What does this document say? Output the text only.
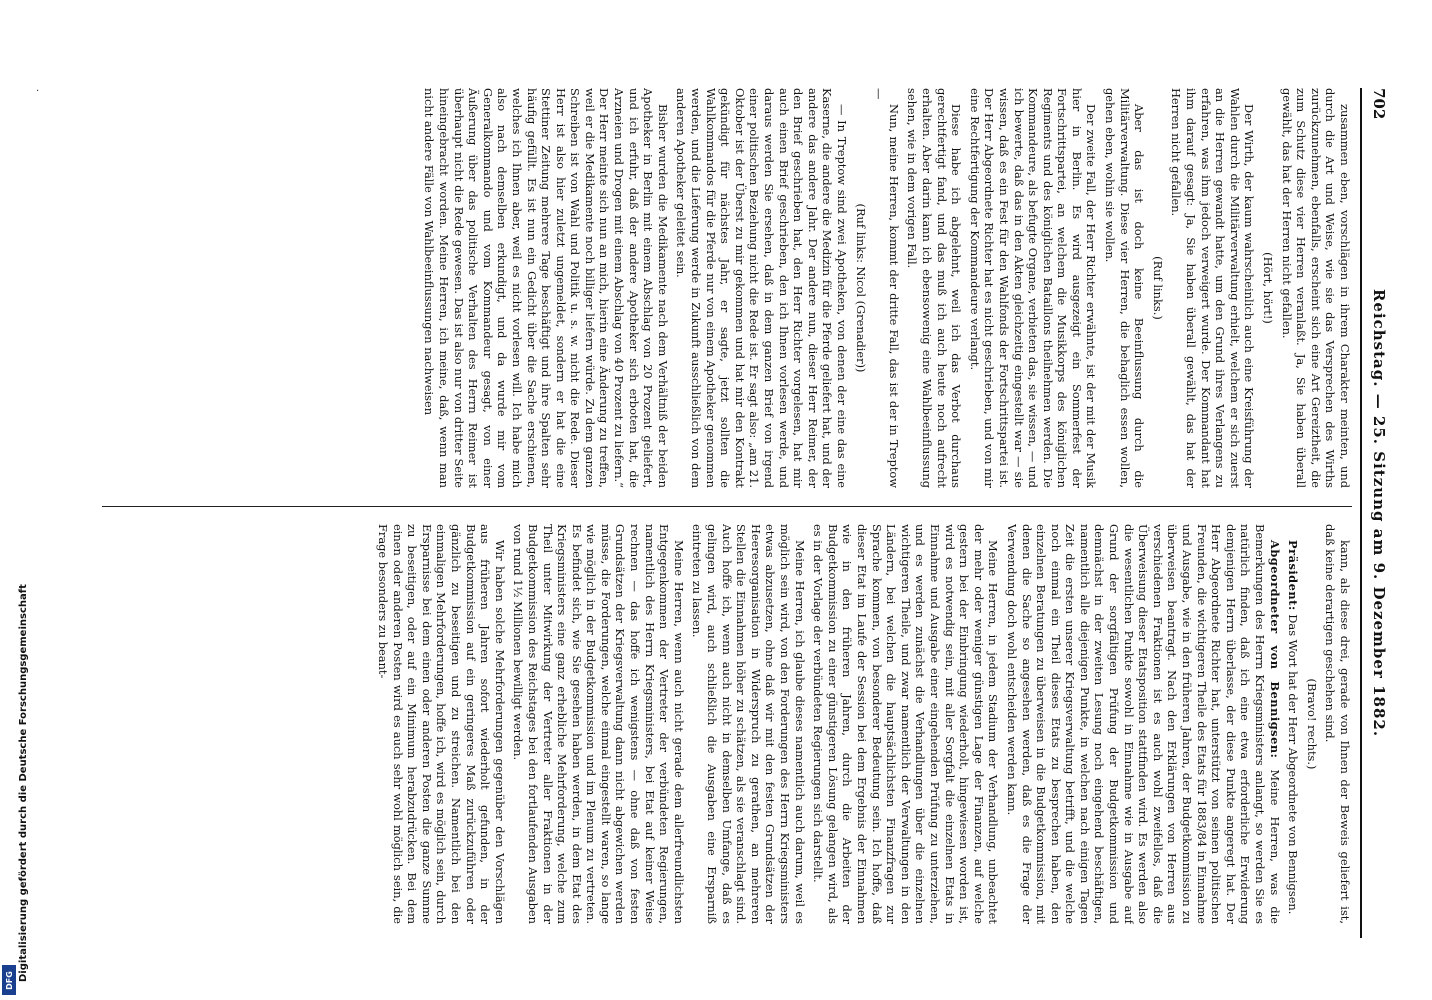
Digitalisierung gefördert durch die Deutsche Forschungsgemeinschaft
DFG
·	702
Reichstag. — 25. Sitzung am 9. Dezember 1882.

zusammen eben, vorschlägen in ihrem Charakter meinten, und durch die Art und Weise, wie sie das Versprechen des Wirths zurückzunehmen, ebenfalls, erscheint sich eine Art Gereiztheit, die zum Schutz diese vier Herren veranlaßt. Ja, Sie haben überall gewählt, das hat der Herren nicht gefallen.

(Hört, hört!)

Der Wirth, der kaum wahrscheinlich auch eine Kreisführung der Wahlen durch die Militärverwaltung erhielt, welchem er sich zuerst an die Herren gewandt hatte, um den Grund ihres Verlangens zu erfahren, was ihm jedoch verweigert wurde. Der Kommandant hat ihm darauf gesagt: Ja, Sie haben überall gewählt, das hat der Herren nicht gefallen.

(Ruf links.)

Aber das ist doch keine Beeinflussung durch die Militärverwaltung. Diese vier Herren, die behaglich essen wollen, gehen eben, wohin sie wollen.

Der zweite Fall, der Herr Richter erwähnte, ist der mit der Musik hier in Berlin. Es wird ausgezeigt ein Sommerfest der Fortschrittspartei, an welchem die Musikkorps des königlichen Regiments und des königlichen Bataillons theilnehmen werden. Die Kommandeure, als befugte Organe, verbieten das, sie wissen, — und ich bewerte, daß das in den Akten gleichzeitig eingestellt war — sie wissen, daß es ein Fest für den Wahlfonds der Fortschrittspartei ist. Der Herr Abgeordnete Richter hat es nicht geschrieben, und von mir eine Rechtfertigung der Kommandeure verlangt.

Diese habe ich abgelehnt, weil ich das Verbot durchaus gerechtfertigt fand, und das muß ich auch heute noch aufrecht erhalten. Aber darin kann ich ebensowenig eine Wahlbeeinflussung sehen, wie in dem vorigen Fall.

Nun, meine Herren, kommt der dritte Fall, das ist der in Treptow —

(Ruf links: Nicol (Grenadier))

— In Treptow sind zwei Apotheken, von denen der eine das eine Kaserne, die andere die Medizin für die Pferde geliefert hat, und der andere das andere Jahr. Der andere nun, dieser Herr Reimer, der den Brief geschrieben hat, den Herr Richter vorgelesen, hat mir auch einen Brief geschrieben, den ich Ihnen vorlesen werde, und daraus werden Sie ersehen, daß in dem ganzen Brief von irgend einer politischen Beziehung nicht die Rede ist. Er sagt also: „am 21. Oktober ist der Überst zu mir gekommen und hat mir den Kontrakt gekündigt für nächstes Jahr, er sagte, jetzt sollten die Wahlkommandos für die Pferde nur von einem Apotheker genommen werden, und die Lieferung werde in Zukunft ausschließlich von dem anderen Apotheker geleitet sein.

Bisher wurden die Medikamente nach dem Verhältniß der beiden Apotheker in Berlin mit einem Abschlag von 20 Prozent geliefert, und ich erfuhr, daß der andere Apotheker sich erboten hat, die Arzneien und Drogen mit einem Abschlag von 40 Prozent zu liefern.“ Der Herr meinte sich nun an mich, hierin eine Änderung zu treffen, weil er die Medikamente noch billiger liefern würde. Zu dem ganzen Schreiben ist von Wahl und Politik u. s. w. nicht die Rede. Dieser Herr ist also hier zuletzt ungemeldet, sondern er hat die eine Stettiner Zeitung mehrere Tage beschäftigt und ihre Spalten sehr häufig gefüllt. Es ist nun ein Gedicht über die Sache erschienen, welches ich Ihnen aber, weil es nicht vorlesen will. Ich habe mich also nach demselben erkundigt, und da wurde mir vom Generalkommando und vom Kommandeur gesagt, von einer Äußerung über das politische Verhalten des Herrn Reimer ist überhaupt nicht die Rede gewesen. Das ist also nur von dritter Seite hineingebracht worden. Meine Herren, ich meine, daß, wenn man nicht andere Fälle von Wahlbeeinflussungen nachweisen

kann, als diese drei, gerade von Ihnen der Beweis geliefert ist, daß keine derartigen geschehen sind.

(Bravo! rechts.)

Präsident: Das Wort hat der Herr Abgeordnete von Bennigsen.

Abgeordneter von Bennigsen: Meine Herren, was die Bemerkungen des Herrn Kriegsministers anlangt, so werden Sie es natürlich finden, daß ich eine etwa erforderliche Erwiderung demjenigen Herrn überlasse, der diese Punkte angeregt hat. Der Herr Abgeordnete Richter hat, unterstützt von seinen politischen Freunden, die wichtigeren Theile des Etats für 1883/84 in Einnahme und Ausgabe, wie in den früheren Jahren, der Budgetkommission zu überweisen beantragt. Nach den Erklärungen von Herren aus verschiedenen Fraktionen ist es auch wohl zweifellos, daß die Überweisung dieser Etatsposition stattfinden wird. Es werden also die wesentlichen Punkte sowohl in Einnahme wie in Ausgabe auf Grund der sorgfältigen Prüfung der Budgetkommission und demnächst in der zweiten Lesung noch eingehend beschäftigen, namentlich alle diejenigen Punkte, in welchen nach einigen Tagen Zeit die ersten unserer Kriegsverwaltung betrifft, und die welche noch einmal ein Theil dieses Etats zu besprechen haben, den einzelnen Beratungen zu überweisen in die Budgetkommission, mit denen die Sache so angesehen werden, daß es die Frage der Verwendung doch wohl entscheiden werden kann.

Meine Herren, in jedem Stadium der Verhandlung, unbeachtet der mehr oder weniger günstigen Lage der Finanzen, auf welche gestern bei der Einbringung wiederholt, hingewiesen worden ist, wird es notwendig sein, mit aller Sorgfalt die einzelnen Etats in Einnahme und Ausgabe einer eingehenden Prüfung zu unterziehen, und es werden zunächst die Verhandlungen über die einzelnen wichtigeren Theile, und zwar namentlich der Verwaltungen in den Ländern, bei welchen die hauptsächlichsten Finanzfragen zur Sprache kommen, von besonderer Bedeutung sein. Ich hoffe, daß dieser Etat im Laufe der Session bei dem Ergebnis der Einnahmen wie in den früheren Jahren, durch die Arbeiten der Budgetkommission zu einer günstigeren Lösung gelangen wird, als es in der Vorlage der verbündeten Regierungen sich darstellt.

Meine Herren, ich glaube dieses namentlich auch darum, weil es möglich sein wird, von den Forderungen des Herrn Kriegsministers etwas abzusetzen, ohne daß wir mit den festen Grundsätzen der Heeresorganisation in Widerspruch zu gerathen, an mehreren Stellen die Einnahmen höher zu schätzen, als sie veranschlagt sind. Auch hoffe ich, wenn auch nicht in demselben Umfange, daß es gelingen wird, auch schließlich die Ausgaben eine Ersparniß eintreten zu lassen.

Meine Herren, wenn auch nicht gerade dem allerfreundlichsten Entgegenkommen der Vertreter der verbündeten Regierungen, namentlich des Herrn Kriegsministers, bei Etat auf keiner Weise rechnen — das hoffe ich wenigstens — ohne daß von festen Grundsätzen der Kriegsverwaltung dann nicht abgewichen werden müsse, die Forderungen, welche einmal eingestellt waren, so lange wie möglich in der Budgetkommission und im Plenum zu vertreten. Es befindet sich, wie Sie gesehen haben werden, in dem Etat des Kriegsministers eine ganz erhebliche Mehrforderung, welche zum Theil unter Mitwirkung der Vertreter aller Fraktionen in der Budgetkommission des Reichstages bei den fortlaufenden Ausgaben von rund 1½ Millionen bewilligt werden.

Wir haben solche Mehrforderungen gegenüber den Vorschlägen aus früheren Jahren sofort wiederholt gefunden, in der Budgetkommission auf ein geringeres Maß zurückzuführen oder gänzlich zu beseitigen und zu streichen. Namentlich bei den einmaligen Mehrforderungen, hoffe ich, wird es möglich sein, durch Ersparnisse bei dem einen oder anderen Posten die ganze Summe zu beseitigen, oder auf ein Minimum herabzudrücken. Bei dem einen oder anderen Posten wird es auch sehr wohl möglich sein, die Frage besonders zu beant-
